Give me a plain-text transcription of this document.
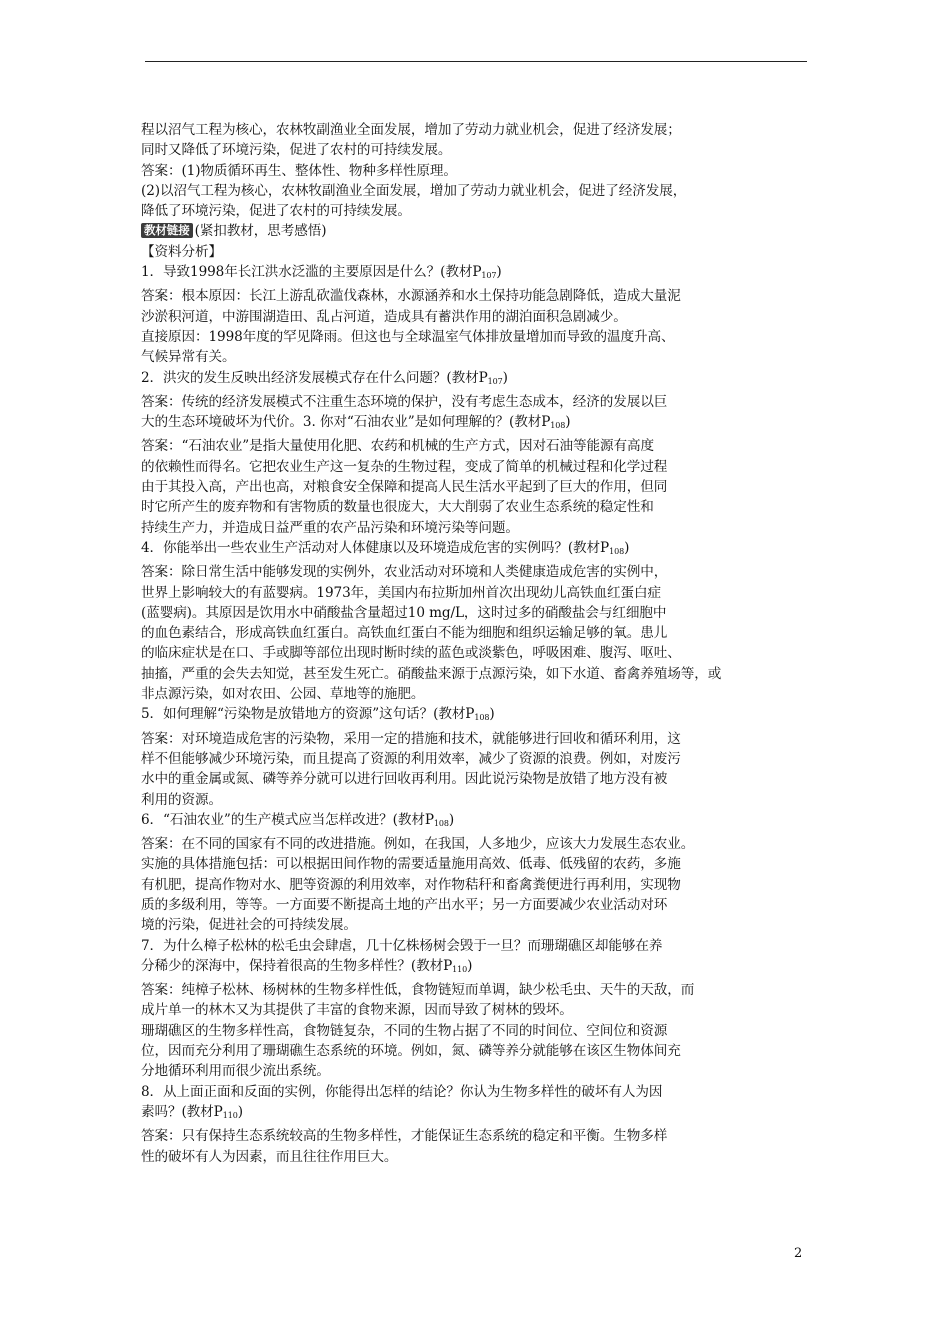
程以沼气工程为核心，农林牧副渔业全面发展，增加了劳动力就业机会，促进了经济发展；

同时又降低了环境污染，促进了农村的可持续发展。

答案：(1)物质循环再生、整体性、物种多样性原理。

(2)以沼气工程为核心，农林牧副渔业全面发展，增加了劳动力就业机会，促进了经济发展，

降低了环境污染，促进了农村的可持续发展。

教材链接 (紧扣教材，思考感悟)

【资料分析】

1．导致1998年长江洪水泛滥的主要原因是什么？(教材$P_{107}$)

答案：根本原因：长江上游乱砍滥伐森林，水源涵养和水土保持功能急剧降低，造成大量泥

沙淤积河道，中游围湖造田、乱占河道，造成具有蓄洪作用的湖泊面积急剧减少。

直接原因：1998年度的罕见降雨。但这也与全球温室气体排放量增加而导致的温度升高、

气候异常有关。

2．洪灾的发生反映出经济发展模式存在什么问题？(教材$P_{107}$)

答案：传统的经济发展模式不注重生态环境的保护，没有考虑生态成本，经济的发展以巨

大的生态环境破坏为代价。3. 你对“石油农业”是如何理解的？(教材$P_{108}$)

答案：“石油农业”是指大量使用化肥、农药和机械的生产方式，因对石油等能源有高度

的依赖性而得名。它把农业生产这一复杂的生物过程，变成了简单的机械过程和化学过程

由于其投入高，产出也高，对粮食安全保障和提高人民生活水平起到了巨大的作用，但同

时它所产生的废弃物和有害物质的数量也很庞大，大大削弱了农业生态系统的稳定性和

持续生产力，并造成日益严重的农产品污染和环境污染等问题。

4．你能举出一些农业生产活动对人体健康以及环境造成危害的实例吗？(教材$P_{108}$)

答案：除日常生活中能够发现的实例外，农业活动对环境和人类健康造成危害的实例中，

世界上影响较大的有蓝婴病。1973年，美国内布拉斯加州首次出现幼儿高铁血红蛋白症

(蓝婴病)。其原因是饮用水中硝酸盐含量超过10 mg/L，这时过多的硝酸盐会与红细胞中

的血色素结合，形成高铁血红蛋白。高铁血红蛋白不能为细胞和组织运输足够的氧。患儿

的临床症状是在口、手或脚等部位出现时断时续的蓝色或淡紫色，呼吸困难、腹泻、呕吐、

抽搐，严重的会失去知觉，甚至发生死亡。硝酸盐来源于点源污染，如下水道、畜禽养殖场等，或

非点源污染，如对农田、公园、草地等的施肥。

5．如何理解“污染物是放错地方的资源”这句话？(教材$P_{108}$)

答案：对环境造成危害的污染物，采用一定的措施和技术，就能够进行回收和循环利用，这

样不但能够减少环境污染，而且提高了资源的利用效率，减少了资源的浪费。例如，对废污

水中的重金属或氮、磷等养分就可以进行回收再利用。因此说污染物是放错了地方没有被

利用的资源。

6．“石油农业”的生产模式应当怎样改进？(教材$P_{108}$)

答案：在不同的国家有不同的改进措施。例如，在我国，人多地少，应该大力发展生态农业。

实施的具体措施包括：可以根据田间作物的需要适量施用高效、低毒、低残留的农药，多施

有机肥，提高作物对水、肥等资源的利用效率，对作物秸秆和畜禽粪便进行再利用，实现物

质的多级利用，等等。一方面要不断提高土地的产出水平；另一方面要减少农业活动对环

境的污染，促进社会的可持续发展。

7．为什么樟子松林的松毛虫会肆虐，几十亿株杨树会毁于一旦？而珊瑚礁区却能够在养

分稀少的深海中，保持着很高的生物多样性？(教材$P_{110}$)

答案：纯樟子松林、杨树林的生物多样性低，食物链短而单调，缺少松毛虫、天牛的天敌，而

成片单一的林木又为其提供了丰富的食物来源，因而导致了树林的毁坏。

珊瑚礁区的生物多样性高，食物链复杂，不同的生物占据了不同的时间位、空间位和资源

位，因而充分利用了珊瑚礁生态系统的环境。例如，氮、磷等养分就能够在该区生物体间充

分地循环利用而很少流出系统。

8．从上面正面和反面的实例，你能得出怎样的结论？你认为生物多样性的破坏有人为因

素吗？(教材$P_{110}$)

答案：只有保持生态系统较高的生物多样性，才能保证生态系统的稳定和平衡。生物多样

性的破坏有人为因素，而且往往作用巨大。

2
